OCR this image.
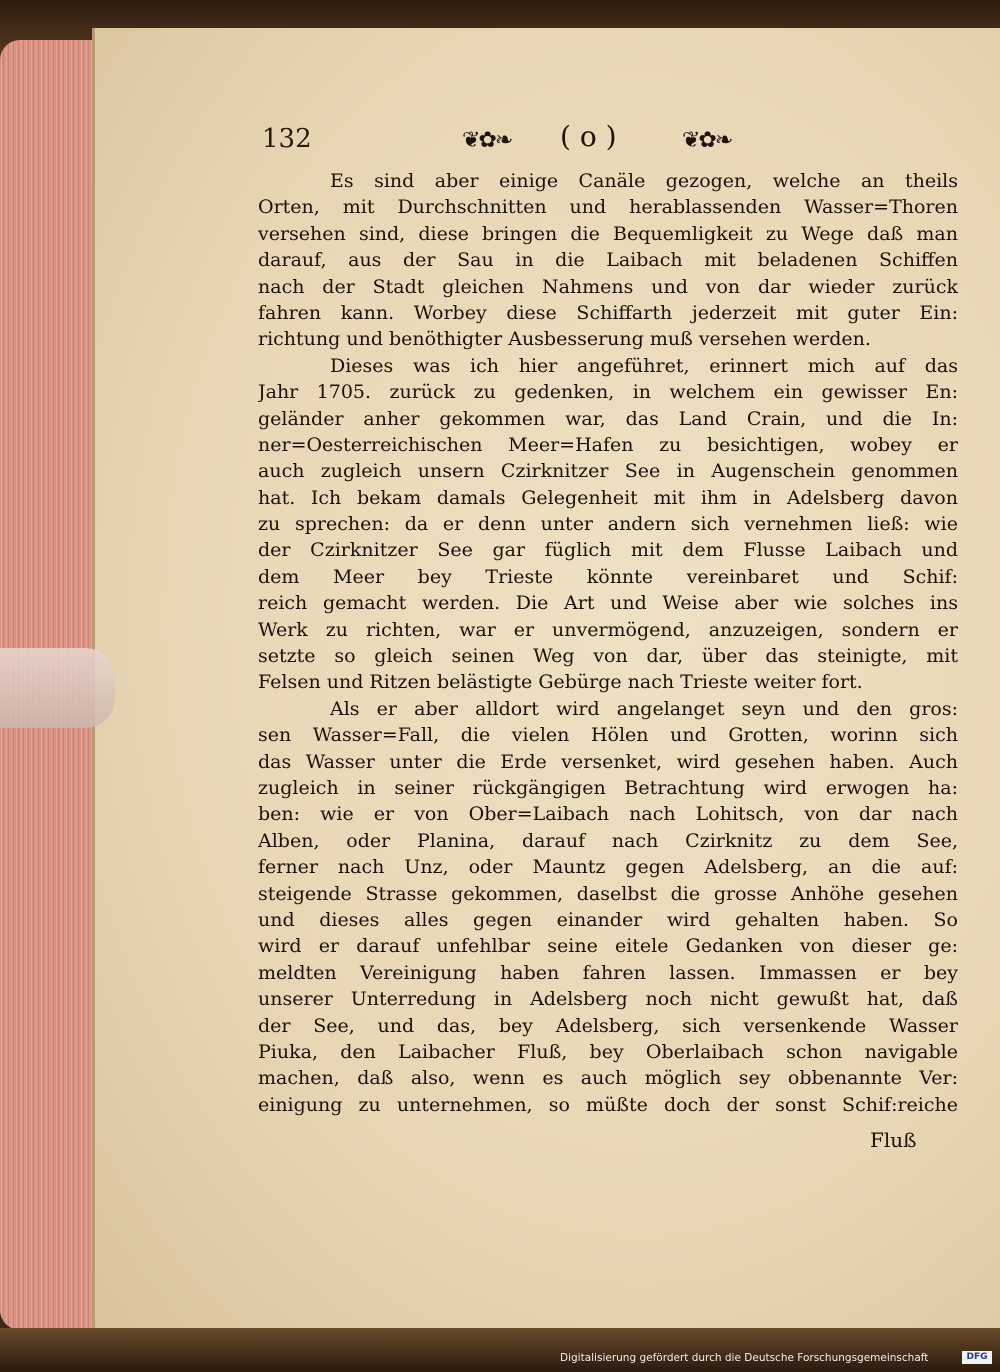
132	❦✿❧ ( o )	❦✿❧
Es sind aber einige Canäle gezogen, welche an theils
Orten, mit Durchschnitten und herablassenden Wasser=Thoren
versehen sind, diese bringen die Bequemligkeit zu Wege daß man
darauf, aus der Sau in die Laibach mit beladenen Schiffen
nach der Stadt gleichen Nahmens und von dar wieder zurück
fahren kann. Worbey diese Schiffarth jederzeit mit guter Ein:
richtung und benöthigter Ausbesserung muß versehen werden.
Dieses was ich hier angeführet, erinnert mich auf das
Jahr 1705. zurück zu gedenken, in welchem ein gewisser En:
geländer anher gekommen war, das Land Crain, und die In:
ner=Oesterreichischen Meer=Hafen zu besichtigen, wobey er
auch zugleich unsern Czirknitzer See in Augenschein genommen
hat. Ich bekam damals Gelegenheit mit ihm in Adelsberg davon
zu sprechen: da er denn unter andern sich vernehmen ließ: wie
der Czirknitzer See gar füglich mit dem Flusse Laibach und
dem Meer bey Trieste könnte vereinbaret und Schif:
reich gemacht werden. Die Art und Weise aber wie solches ins
Werk zu richten, war er unvermögend, anzuzeigen, sondern er
setzte so gleich seinen Weg von dar, über das steinigte, mit
Felsen und Ritzen belästigte Gebürge nach Trieste weiter fort.
Als er aber alldort wird angelanget seyn und den gros:
sen Wasser=Fall, die vielen Hölen und Grotten, worinn sich
das Wasser unter die Erde versenket, wird gesehen haben. Auch
zugleich in seiner rückgängigen Betrachtung wird erwogen ha:
ben: wie er von Ober=Laibach nach Lohitsch, von dar nach
Alben, oder Planina, darauf nach Czirknitz zu dem See,
ferner nach Unz, oder Mauntz gegen Adelsberg, an die auf:
steigende Strasse gekommen, daselbst die grosse Anhöhe gesehen
und dieses alles gegen einander wird gehalten haben. So
wird er darauf unfehlbar seine eitele Gedanken von dieser ge:
meldten Vereinigung haben fahren lassen. Immassen er bey
unserer Unterredung in Adelsberg noch nicht gewußt hat, daß
der See, und das, bey Adelsberg, sich versenkende Wasser
Piuka, den Laibacher Fluß, bey Oberlaibach schon navigable
machen, daß also, wenn es auch möglich sey obbenannte Ver:
einigung zu unternehmen, so müßte doch der sonst Schif:reiche
Fluß
Digitalisierung gefördert durch die Deutsche Forschungsgemeinschaft	DFG
